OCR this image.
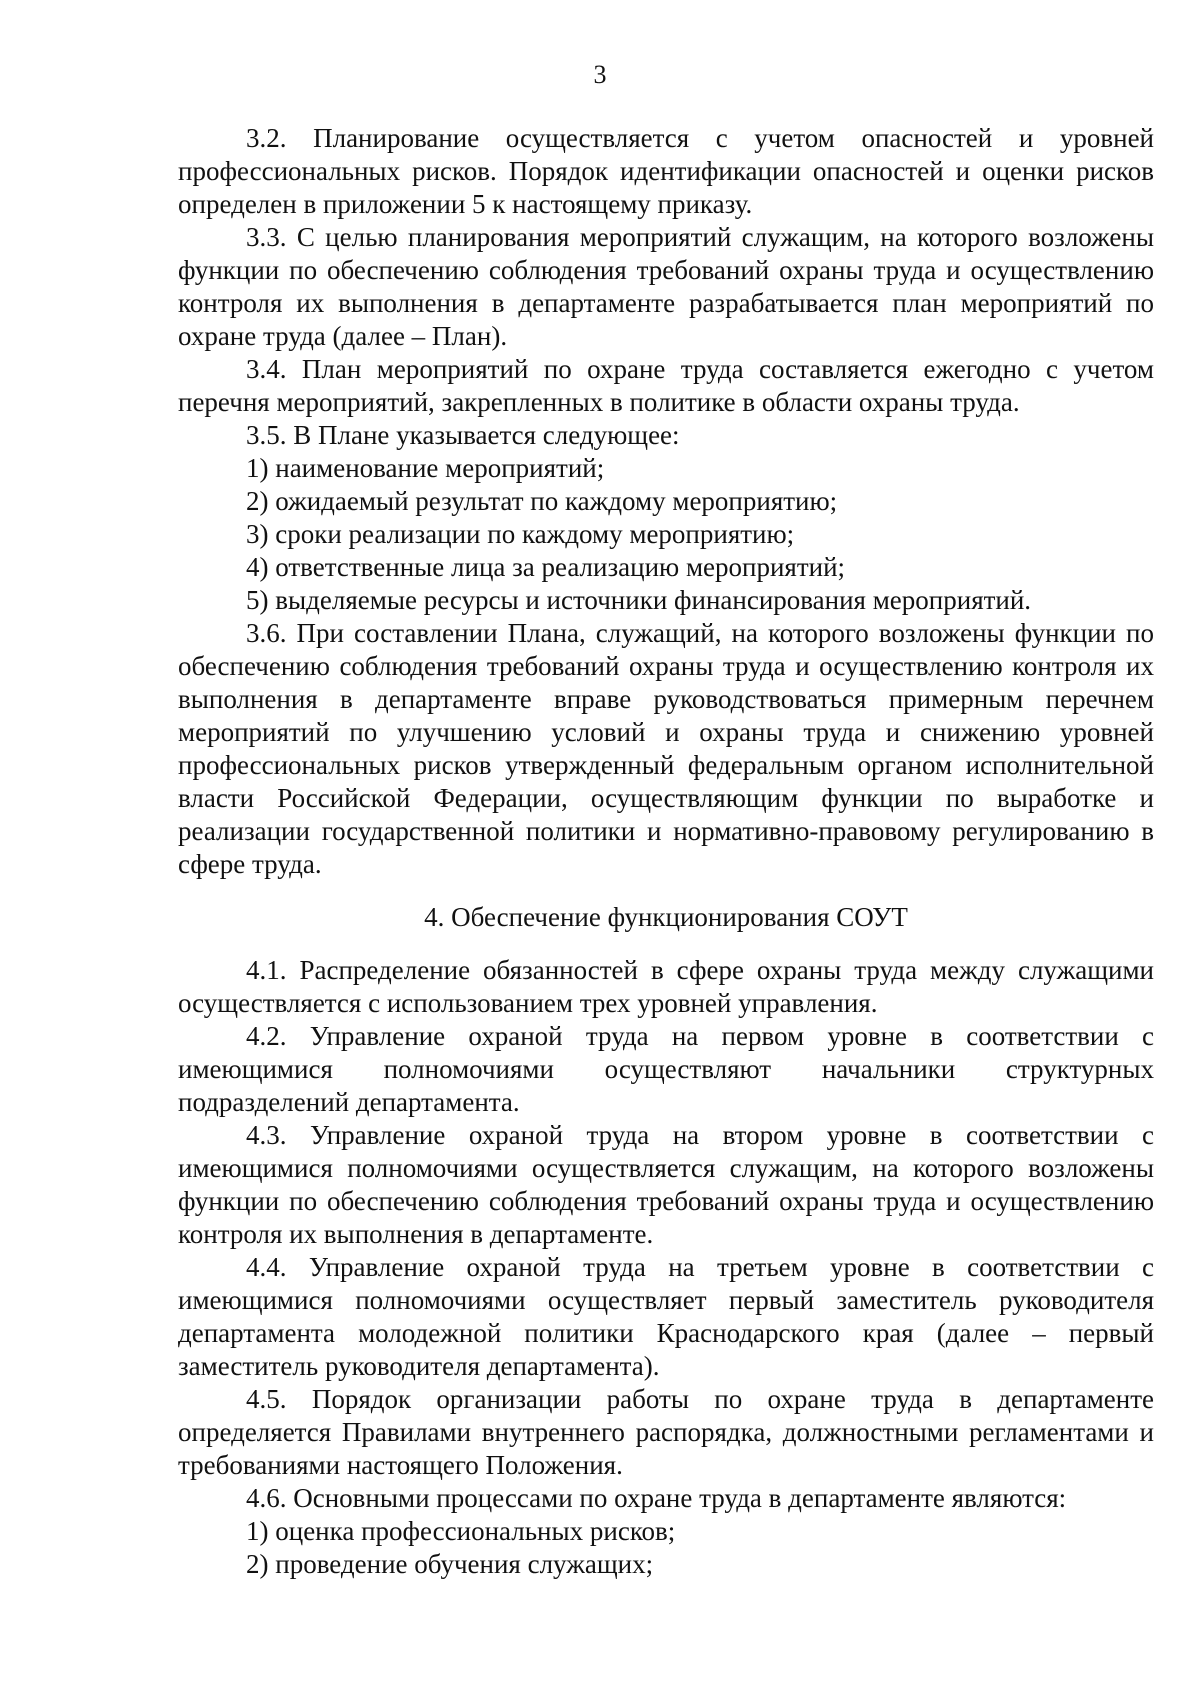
3

3.2. Планирование осуществляется с учетом опасностей и уровней профессиональных рисков. Порядок идентификации опасностей и оценки рисков определен в приложении 5 к настоящему приказу.

3.3. С целью планирования мероприятий служащим, на которого возложены функции по обеспечению соблюдения требований охраны труда и осуществлению контроля их выполнения в департаменте разрабатывается план мероприятий по охране труда (далее – План).

3.4. План мероприятий по охране труда составляется ежегодно с учетом перечня мероприятий, закрепленных в политике в области охраны труда.

3.5. В Плане указывается следующее:

1) наименование мероприятий;

2) ожидаемый результат по каждому мероприятию;

3) сроки реализации по каждому мероприятию;

4) ответственные лица за реализацию мероприятий;

5) выделяемые ресурсы и источники финансирования мероприятий.

3.6. При составлении Плана, служащий, на которого возложены функции по обеспечению соблюдения требований охраны труда и осуществлению контроля их выполнения в департаменте вправе руководствоваться примерным перечнем мероприятий по улучшению условий и охраны труда и снижению уровней профессиональных рисков утвержденный федеральным органом исполнительной власти Российской Федерации, осуществляющим функции по выработке и реализации государственной политики и нормативно-правовому регулированию в сфере труда.

4. Обеспечение функционирования СОУТ

4.1. Распределение обязанностей в сфере охраны труда между служащими осуществляется с использованием трех уровней управления.

4.2. Управление охраной труда на первом уровне в соответствии с имеющимися полномочиями осуществляют начальники структурных подразделений департамента.

4.3. Управление охраной труда на втором уровне в соответствии с имеющимися полномочиями осуществляется служащим, на которого возложены функции по обеспечению соблюдения требований охраны труда и осуществлению контроля их выполнения в департаменте.

4.4. Управление охраной труда на третьем уровне в соответствии с имеющимися полномочиями осуществляет первый заместитель руководителя департамента молодежной политики Краснодарского края (далее – первый заместитель руководителя департамента).

4.5. Порядок организации работы по охране труда в департаменте определяется Правилами внутреннего распорядка, должностными регламентами и требованиями настоящего Положения.

4.6. Основными процессами по охране труда в департаменте являются:

1) оценка профессиональных рисков;

2) проведение обучения служащих;
